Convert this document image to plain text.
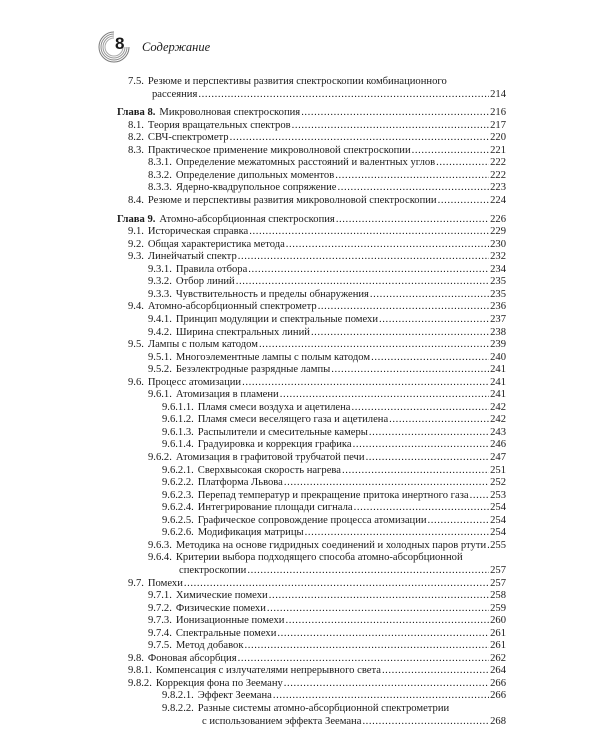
8 Содержание
7.5. Резюме и перспективы развития спектроскопии комбинационного
рассеяния .....	214
Глава 8. Микроволновая спектроскопия .....	216
8.1. Теория вращательных спектров .....	217
8.2. СВЧ-спектрометр .....	220
8.3. Практическое применение микроволновой спектроскопии .....	221
8.3.1. Определение межатомных расстояний и валентных углов .....	222
8.3.2. Определение дипольных моментов .....	222
8.3.3. Ядерно-квадрупольное сопряжение .....	223
8.4. Резюме и перспективы развития микроволновой спектроскопии .....	224
Глава 9. Атомно-абсорбционная спектроскопия .....	226
9.1. Историческая справка .....	229
9.2. Общая характеристика метода .....	230
9.3. Линейчатый спектр .....	232
9.3.1. Правила отбора .....	234
9.3.2. Отбор линий .....	235
9.3.3. Чувствительность и пределы обнаружения .....	235
9.4. Атомно-абсорбционный спектрометр .....	236
9.4.1. Принцип модуляции и спектральные помехи .....	237
9.4.2. Ширина спектральных линий .....	238
9.5. Лампы с полым катодом .....	239
9.5.1. Многоэлементные лампы с полым катодом .....	240
9.5.2. Безэлектродные разрядные лампы .....	241
9.6. Процесс атомизации .....	241
9.6.1. Атомизация в пламени .....	241
9.6.1.1. Пламя смеси воздуха и ацетилена .....	242
9.6.1.2. Пламя смеси веселящего газа и ацетилена .....	242
9.6.1.3. Распылители и смесительные камеры .....	243
9.6.1.4. Градуировка и коррекция графика .....	246
9.6.2. Атомизация в графитовой трубчатой печи .....	247
9.6.2.1. Сверхвысокая скорость нагрева .....	251
9.6.2.2. Платформа Львова .....	252
9.6.2.3. Перепад температур и прекращение притока инертного газа ..... 253
9.6.2.4. Интегрирование площади сигнала .....	254
9.6.2.5. Графическое сопровождение процесса атомизации .....	254
9.6.2.6. Модификация матрицы .....	254
9.6.3. Методика на основе гидридных соединений и холодных паров ртути ..... 255
9.6.4. Критерии выбора подходящего способа атомно-абсорбционной
спектроскопии .....	257
9.7. Помехи .....	257
9.7.1. Химические помехи .....	258
9.7.2. Физические помехи .....	259
9.7.3. Ионизационные помехи .....	260
9.7.4. Спектральные помехи .....	261
9.7.5. Метод добавок .....	261
9.8. Фоновая абсорбция .....	262
9.8.1. Компенсация с излучателями непрерывного света .....	264
9.8.2. Коррекция фона по Зееману .....	266
9.8.2.1. Эффект Зеемана .....	266
9.8.2.2. Разные системы атомно-абсорбционной спектрометрии
с использованием эффекта Зеемана .....	268
